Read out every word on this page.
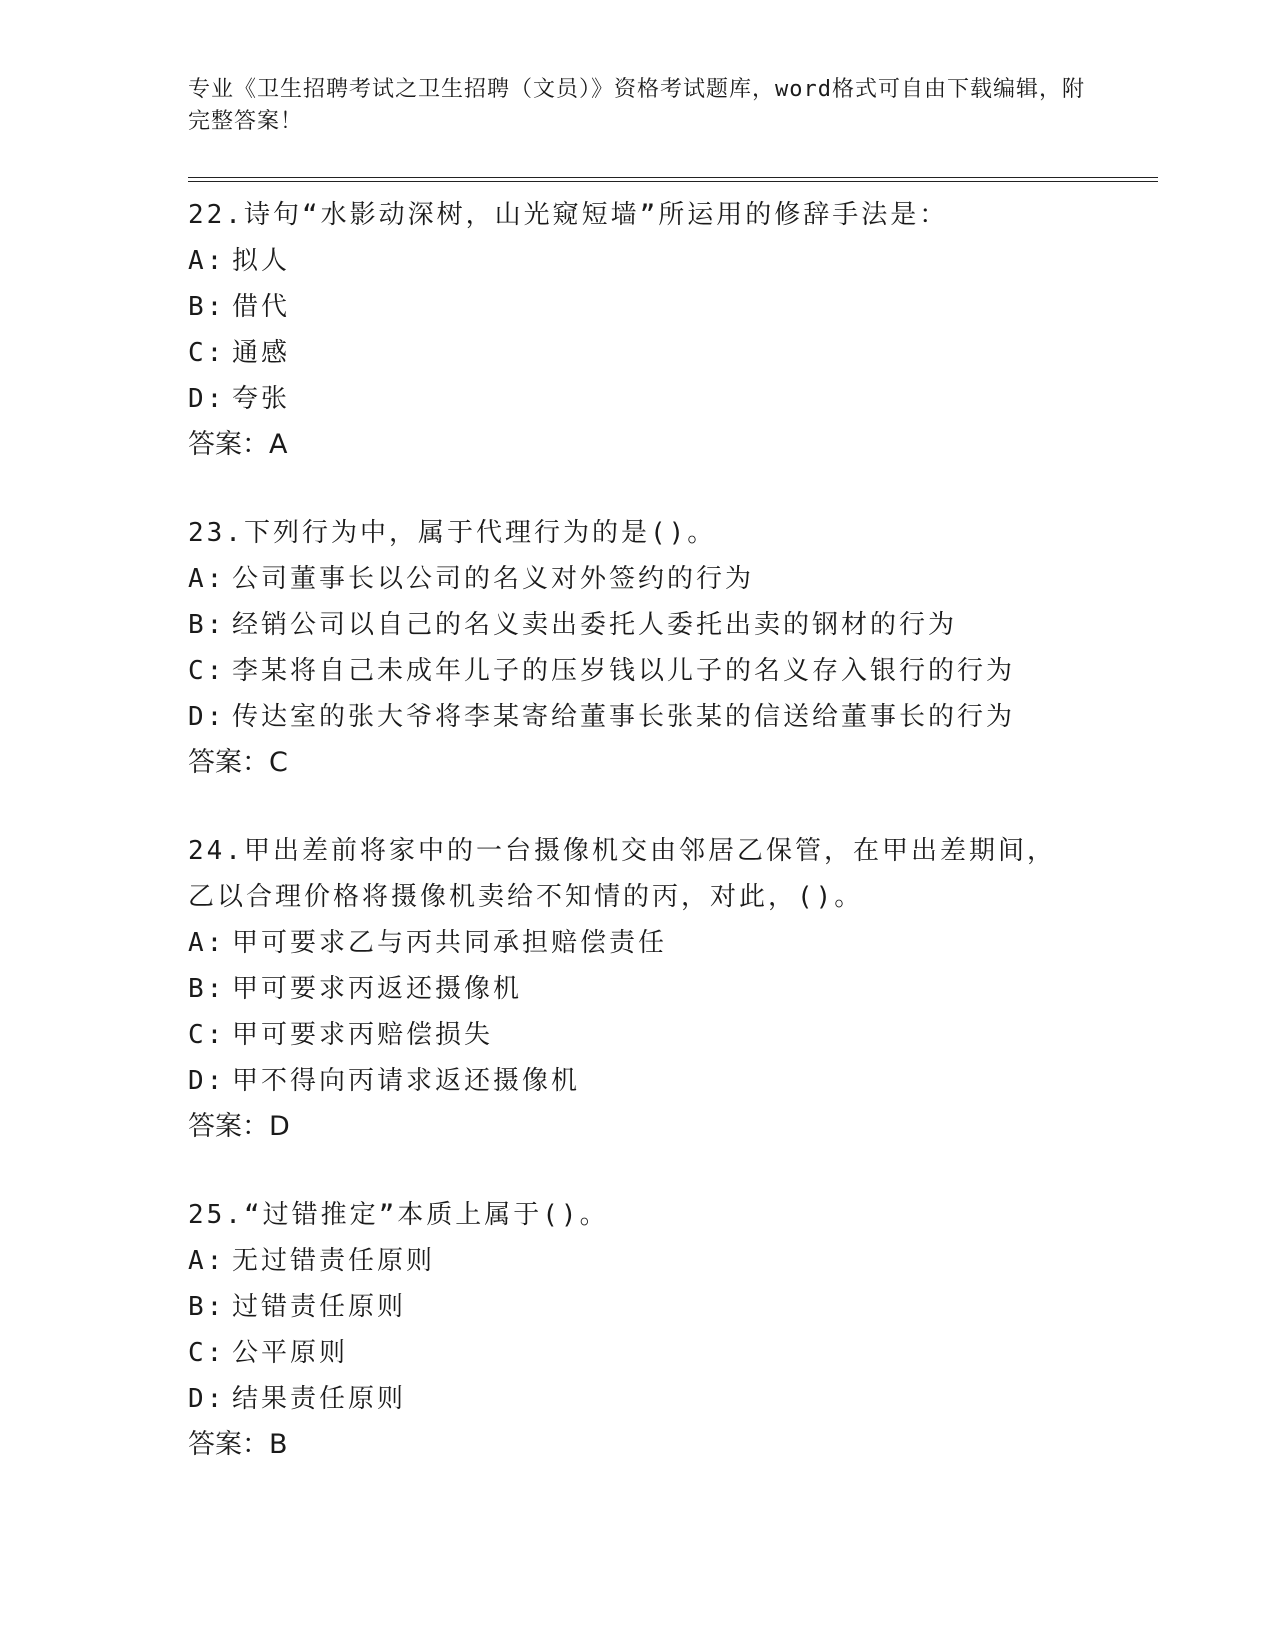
专业《卫生招聘考试之卫生招聘（文员）》资格考试题库，word格式可自由下载编辑，附完整答案！
22.诗句“水影动深树，山光窥短墙”所运用的修辞手法是：
A: 拟人
B: 借代
C: 通感
D: 夸张
答案：A
23.下列行为中，属于代理行为的是()。
A: 公司董事长以公司的名义对外签约的行为
B: 经销公司以自己的名义卖出委托人委托出卖的钢材的行为
C: 李某将自己未成年儿子的压岁钱以儿子的名义存入银行的行为
D: 传达室的张大爷将李某寄给董事长张某的信送给董事长的行为
答案：C
24.甲出差前将家中的一台摄像机交由邻居乙保管，在甲出差期间，乙以合理价格将摄像机卖给不知情的丙，对此，()。
A: 甲可要求乙与丙共同承担赔偿责任
B: 甲可要求丙返还摄像机
C: 甲可要求丙赔偿损失
D: 甲不得向丙请求返还摄像机
答案：D
25.“过错推定”本质上属于()。
A: 无过错责任原则
B: 过错责任原则
C: 公平原则
D: 结果责任原则
答案：B
